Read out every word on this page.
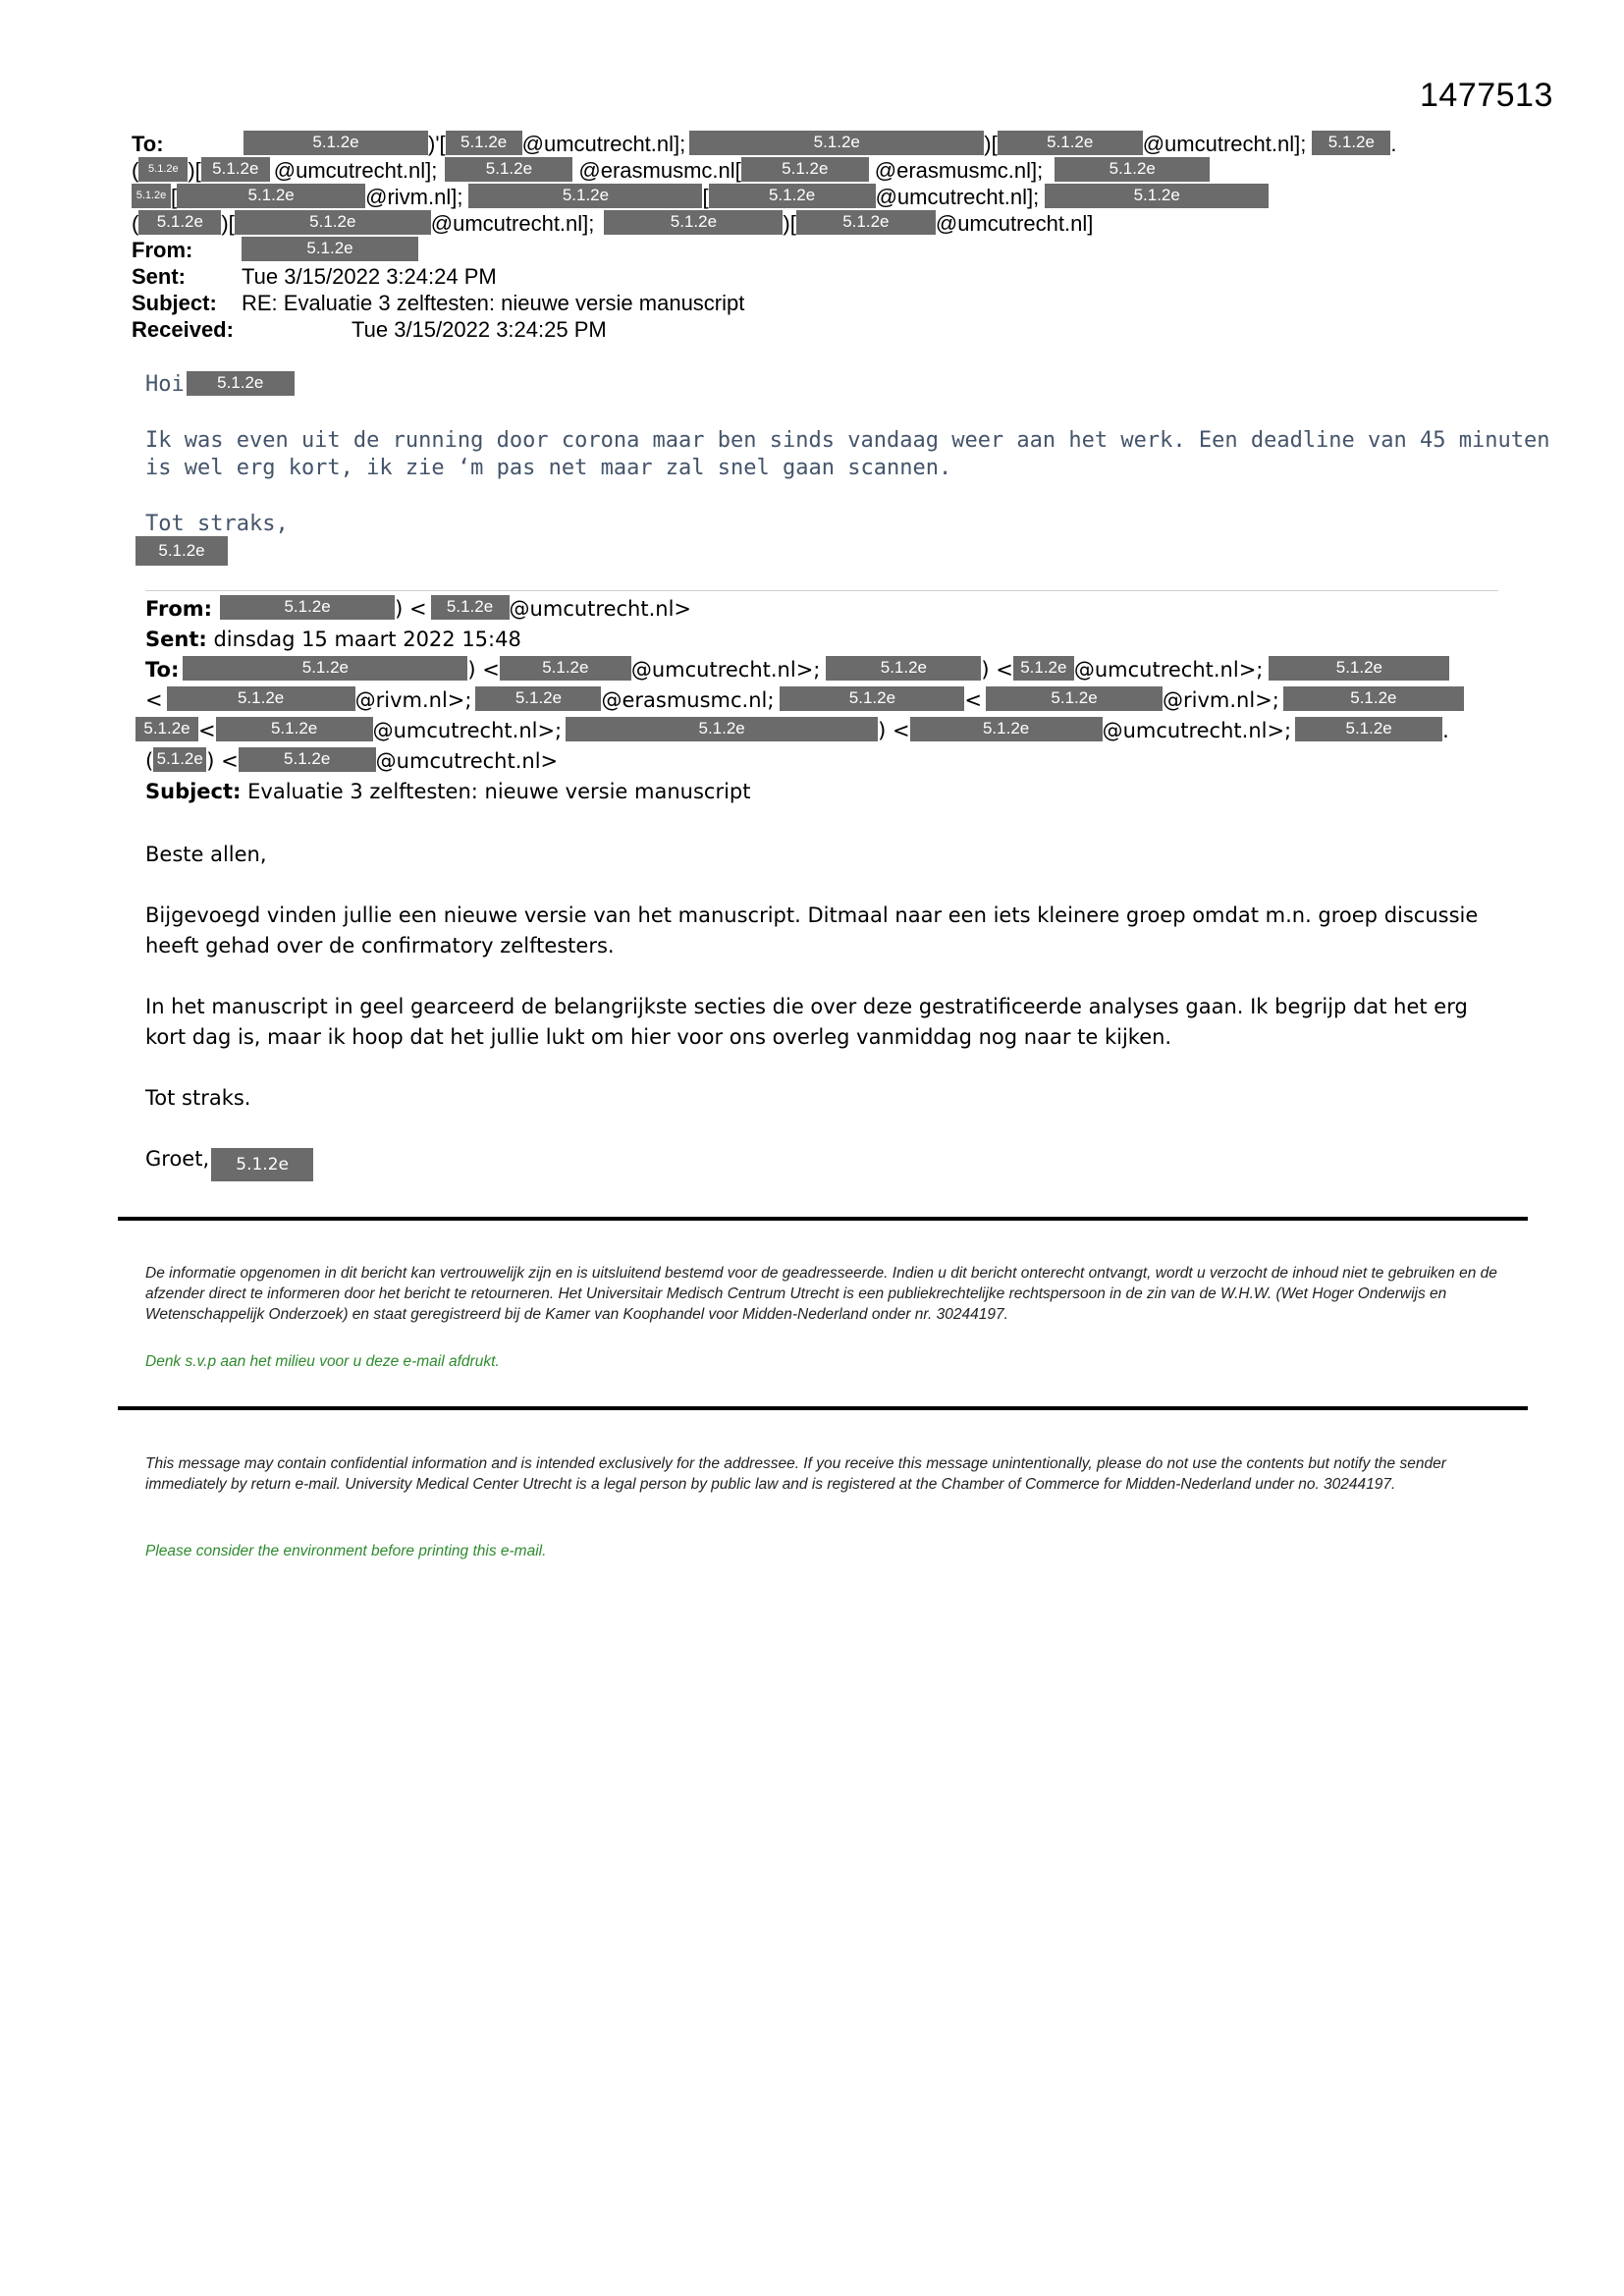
1477513
To:	5.1.2e	)'[ 5.1.2e @umcutrecht.nl];	5.1.2e	)[	5.1.2e @umcutrecht.nl]; 5.1.2e .
( 5.1.2e )[ 5.1.2e @umcutrecht.nl];	5.1.2e @erasmusmc.nl[ 5.1.2e @erasmusmc.nl];	5.1.2e
5.1.2e [	5.1.2e	@rivm.nl];	5.1.2e	[	5.1.2e	@umcutrecht.nl];	5.1.2e
( 5.1.2e )[	5.1.2e	@umcutrecht.nl];	5.1.2e	)[	5.1.2e @umcutrecht.nl]
From:	5.1.2e
Sent:	Tue 3/15/2022 3:24:24 PM
Subject: RE: Evaluatie 3 zelftesten: nieuwe versie manuscript
Received:	Tue 3/15/2022 3:24:25 PM
Hoi 5.1.2e
Ik was even uit de running door corona maar ben sinds vandaag weer aan het werk. Een deadline van 45 minuten
is wel erg kort, ik zie ‘m pas net maar zal snel gaan scannen.
Tot straks,
5.1.2e
From:	5.1.2e	) < 5.1.2e @umcutrecht.nl>
Sent: dinsdag 15 maart 2022 15:48
To:	5.1.2e	) <	5.1.2e @umcutrecht.nl>;	5.1.2e	) < 5.1.2e @umcutrecht.nl>;	5.1.2e
<	5.1.2e	@rivm.nl>;	5.1.2e @erasmusmc.nl;	5.1.2e	<	5.1.2e	@rivm.nl>;	5.1.2e
5.1.2e <	5.1.2e	@umcutrecht.nl>;	5.1.2e	) <	5.1.2e	@umcutrecht.nl>;	5.1.2e .
( 5.1.2e ) <	5.1.2e @umcutrecht.nl>
Subject: Evaluatie 3 zelftesten: nieuwe versie manuscript
Beste allen,
Bijgevoegd vinden jullie een nieuwe versie van het manuscript. Ditmaal naar een iets kleinere groep omdat m.n. groep discussie heeft gehad over de confirmatory zelftesters.
In het manuscript in geel gearceerd de belangrijkste secties die over deze gestratificeerde analyses gaan. Ik begrijp dat het erg kort dag is, maar ik hoop dat het jullie lukt om hier voor ons overleg vanmiddag nog naar te kijken.
Tot straks.
Groet, 5.1.2e
De informatie opgenomen in dit bericht kan vertrouwelijk zijn en is uitsluitend bestemd voor de geadresseerde. Indien u dit bericht onterecht ontvangt, wordt u verzocht de inhoud niet te gebruiken en de afzender direct te informeren door het bericht te retourneren. Het Universitair Medisch Centrum Utrecht is een publiekrechtelijke rechtspersoon in de zin van de W.H.W. (Wet Hoger Onderwijs en Wetenschappelijk Onderzoek) en staat geregistreerd bij de Kamer van Koophandel voor Midden-Nederland onder nr. 30244197.
Denk s.v.p aan het milieu voor u deze e-mail afdrukt.
This message may contain confidential information and is intended exclusively for the addressee. If you receive this message unintentionally, please do not use the contents but notify the sender immediately by return e-mail. University Medical Center Utrecht is a legal person by public law and is registered at the Chamber of Commerce for Midden-Nederland under no. 30244197.
Please consider the environment before printing this e-mail.
